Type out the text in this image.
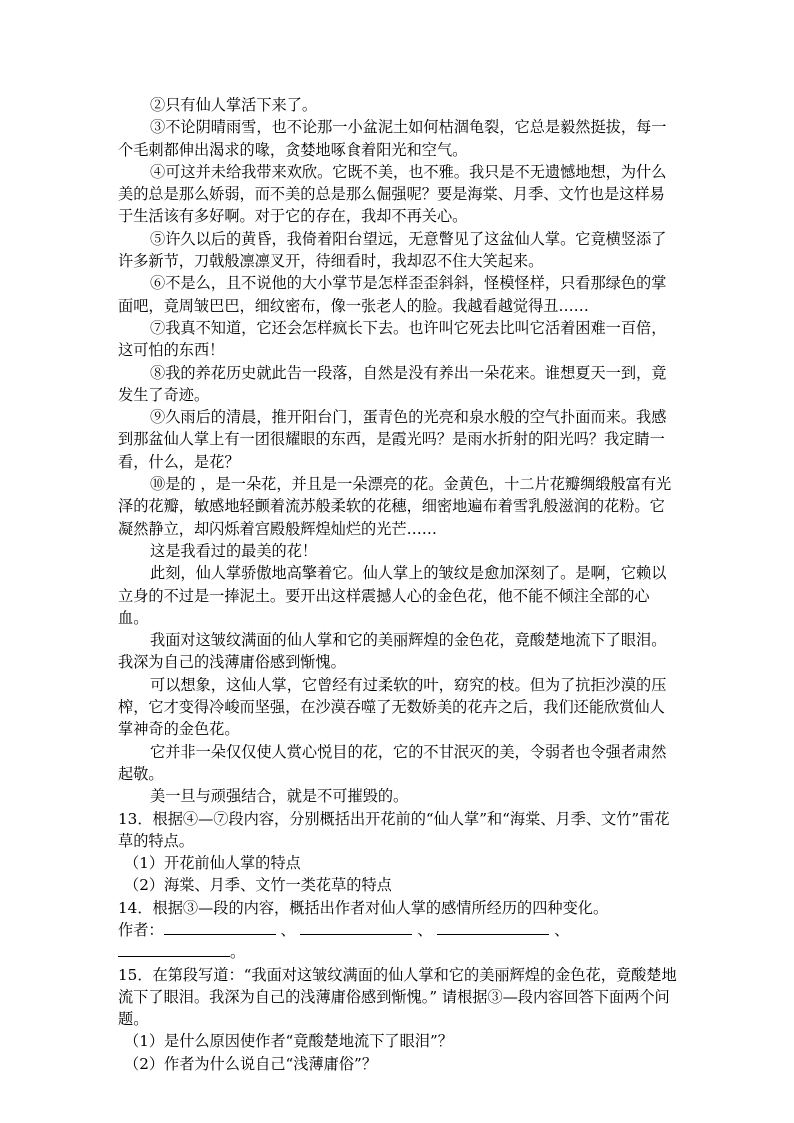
②只有仙人掌活下来了。

③不论阴晴雨雪，也不论那一小盆泥土如何枯涸龟裂，它总是毅然挺拔，每一个毛刺都伸出渴求的喙，贪婪地啄食着阳光和空气。

④可这并未给我带来欢欣。它既不美，也不雅。我只是不无遗憾地想，为什么美的总是那么娇弱，而不美的总是那么倔强呢？要是海棠、月季、文竹也是这样易于生活该有多好啊。对于它的存在，我却不再关心。

⑤许久以后的黄昏，我倚着阳台望远，无意瞥见了这盆仙人掌。它竟横竖添了许多新节，刀戟般凛凛叉开，待细看时，我却忍不住大笑起来。

⑥不是么，且不说他的大小掌节是怎样歪歪斜斜，怪模怪样，只看那绿色的掌面吧，竟周皱巴巴，细纹密布，像一张老人的脸。我越看越觉得丑……

⑦我真不知道，它还会怎样疯长下去。也许叫它死去比叫它活着困难一百倍，这可怕的东西！

⑧我的养花历史就此告一段落，自然是没有养出一朵花来。谁想夏天一到，竟发生了奇迹。

⑨久雨后的清晨，推开阳台门，蛋青色的光亮和泉水般的空气扑面而来。我感到那盆仙人掌上有一团很耀眼的东西，是霞光吗？是雨水折射的阳光吗？我定睛一看，什么，是花？

⑩是的 ，是一朵花，并且是一朵漂亮的花。金黄色，十二片花瓣绸缎般富有光泽的花瓣，敏感地轻颤着流苏般柔软的花穗，细密地遍布着雪乳般滋润的花粉。它凝然静立，却闪烁着宫殿般辉煌灿烂的光芒……

这是我看过的最美的花！

此刻，仙人掌骄傲地高擎着它。仙人掌上的皱纹是愈加深刻了。是啊，它赖以立身的不过是一捧泥土。要开出这样震撼人心的金色花，他不能不倾注全部的心血。

我面对这皱纹满面的仙人掌和它的美丽辉煌的金色花，竟酸楚地流下了眼泪。我深为自己的浅薄庸俗感到惭愧。

可以想象，这仙人掌，它曾经有过柔软的叶，窈究的枝。但为了抗拒沙漠的压榨，它才变得冷峻而坚强，在沙漠吞噬了无数娇美的花卉之后，我们还能欣赏仙人掌神奇的金色花。

它并非一朵仅仅使人赏心悦目的花，它的不甘泯灭的美，令弱者也令强者肃然起敬。

美一旦与顽强结合，就是不可摧毁的。

13．根据④—⑦段内容，分别概括出开花前的“仙人掌”和“海棠、月季、文竹”雷花草的特点。

（1）开花前仙人掌的特点

（2）海棠、月季、文竹一类花草的特点

14．根据③—段的内容，概括出作者对仙人掌的感情所经历的四种变化。

作者：	、	、	、

。

15．在第段写道：“我面对这皱纹满面的仙人掌和它的美丽辉煌的金色花，竟酸楚地流下了眼泪。我深为自己的浅薄庸俗感到惭愧。” 请根据③—段内容回答下面两个问题。

（1）是什么原因使作者“竟酸楚地流下了眼泪”？

（2）作者为什么说自己“浅薄庸俗”？
